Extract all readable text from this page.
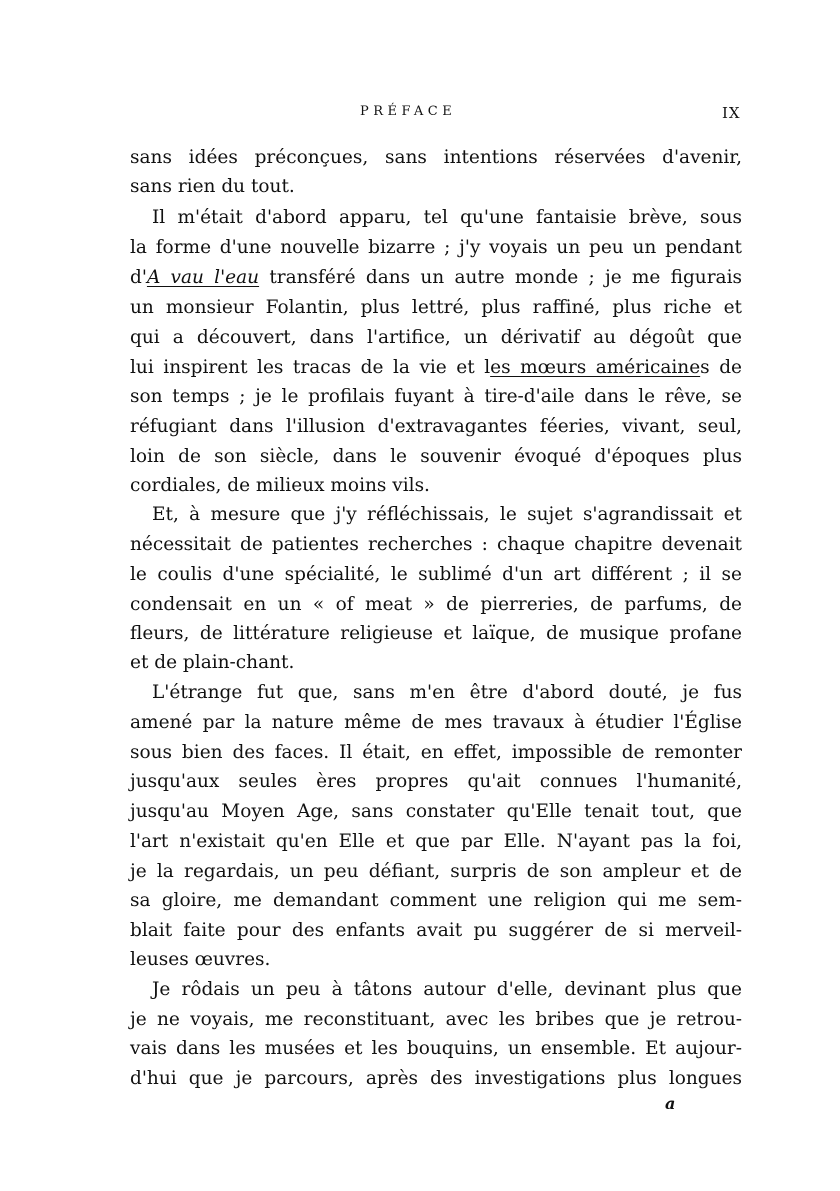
PRÉFACE	IX
sans idées préconçues, sans intentions réservées d'avenir,
sans rien du tout.
Il m'était d'abord apparu, tel qu'une fantaisie brève, sous
la forme d'une nouvelle bizarre ; j'y voyais un peu un pendant
d'A vau l'eau transféré dans un autre monde ; je me figurais
un monsieur Folantin, plus lettré, plus raffiné, plus riche et
qui a découvert, dans l'artifice, un dérivatif au dégoût que
lui inspirent les tracas de la vie et les mœurs américaines de
son temps ; je le profilais fuyant à tire-d'aile dans le rêve, se
réfugiant dans l'illusion d'extravagantes féeries, vivant, seul,
loin de son siècle, dans le souvenir évoqué d'époques plus
cordiales, de milieux moins vils.
Et, à mesure que j'y réfléchissais, le sujet s'agrandissait et
nécessitait de patientes recherches : chaque chapitre devenait
le coulis d'une spécialité, le sublimé d'un art différent ; il se
condensait en un « of meat » de pierreries, de parfums, de
fleurs, de littérature religieuse et laïque, de musique profane
et de plain-chant.
L'étrange fut que, sans m'en être d'abord douté, je fus
amené par la nature même de mes travaux à étudier l'Église
sous bien des faces. Il était, en effet, impossible de remonter
jusqu'aux seules ères propres qu'ait connues l'humanité,
jusqu'au Moyen Age, sans constater qu'Elle tenait tout, que
l'art n'existait qu'en Elle et que par Elle. N'ayant pas la foi,
je la regardais, un peu défiant, surpris de son ampleur et de
sa gloire, me demandant comment une religion qui me sem-
blait faite pour des enfants avait pu suggérer de si merveil-
leuses œuvres.
Je rôdais un peu à tâtons autour d'elle, devinant plus que
je ne voyais, me reconstituant, avec les bribes que je retrou-
vais dans les musées et les bouquins, un ensemble. Et aujour-
d'hui que je parcours, après des investigations plus longues
a
